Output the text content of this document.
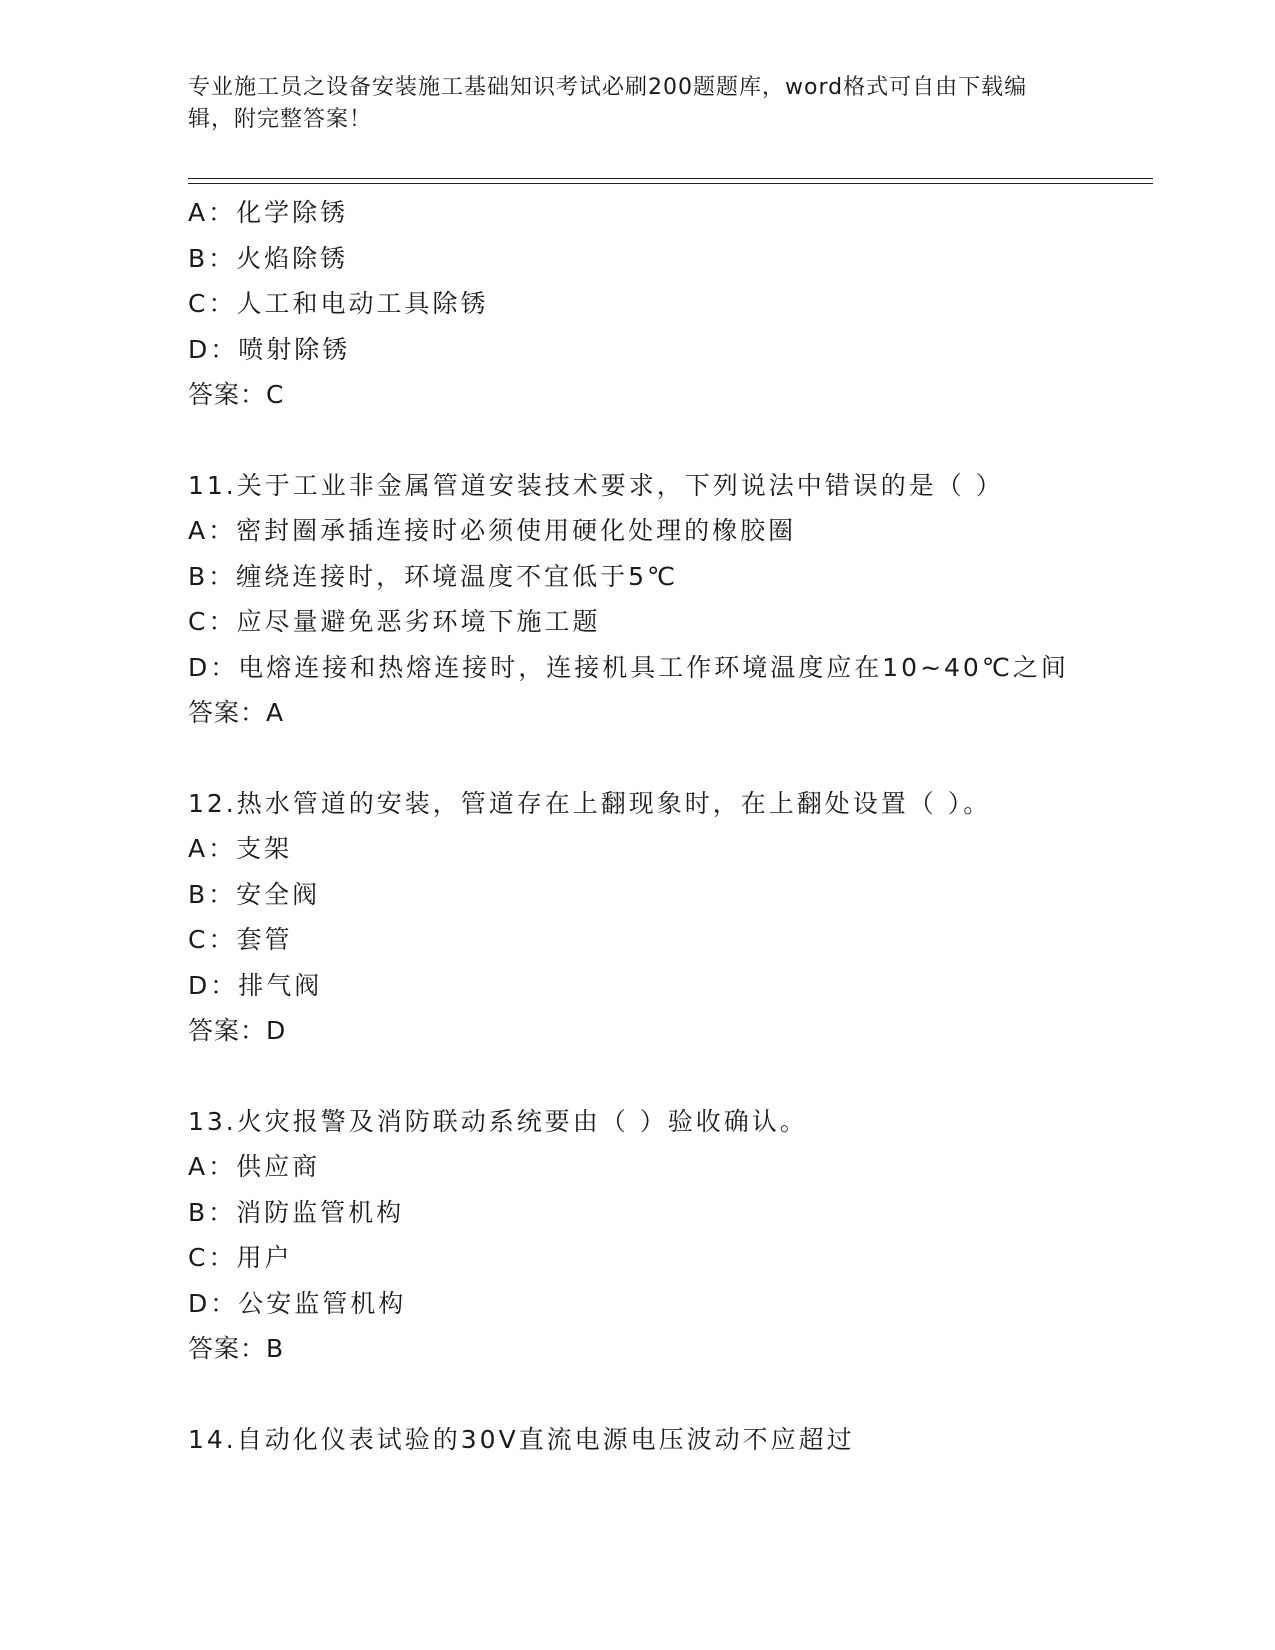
专业施工员之设备安装施工基础知识考试必刷200题题库，word格式可自由下载编辑，附完整答案！
A：化学除锈
B：火焰除锈
C：人工和电动工具除锈
D：喷射除锈
答案：C
11.关于工业非金属管道安装技术要求，下列说法中错误的是（ ）
A：密封圈承插连接时必须使用硬化处理的橡胶圈
B：缠绕连接时，环境温度不宜低于5℃
C：应尽量避免恶劣环境下施工题
D：电熔连接和热熔连接时，连接机具工作环境温度应在10~40℃之间
答案：A
12.热水管道的安装，管道存在上翻现象时，在上翻处设置（ ）。
A：支架
B：安全阀
C：套管
D：排气阀
答案：D
13.火灾报警及消防联动系统要由（ ）验收确认。
A：供应商
B：消防监管机构
C：用户
D：公安监管机构
答案：B
14.自动化仪表试验的30V直流电源电压波动不应超过
